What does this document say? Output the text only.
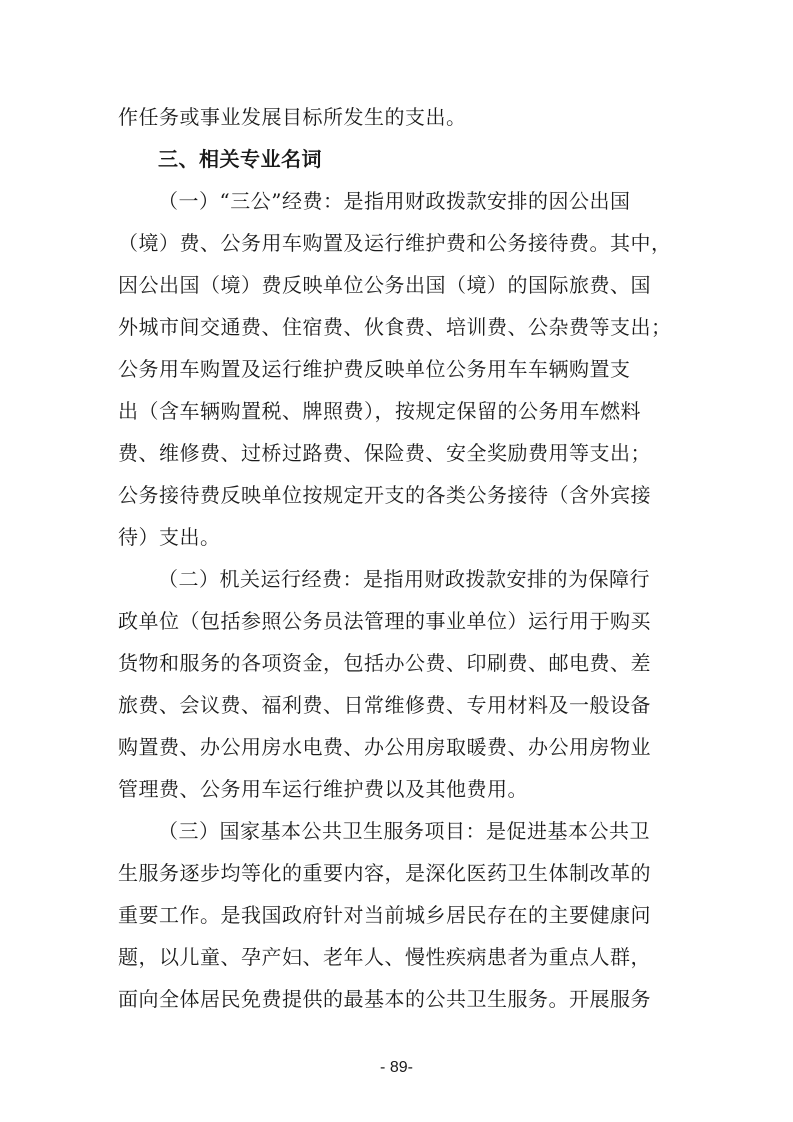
作任务或事业发展目标所发生的支出。
三、相关专业名词
（一）“三公”经费：是指用财政拨款安排的因公出国
（境）费、公务用车购置及运行维护费和公务接待费。其中，
因公出国（境）费反映单位公务出国（境）的国际旅费、国
外城市间交通费、住宿费、伙食费、培训费、公杂费等支出；
公务用车购置及运行维护费反映单位公务用车车辆购置支
出（含车辆购置税、牌照费），按规定保留的公务用车燃料
费、维修费、过桥过路费、保险费、安全奖励费用等支出；
公务接待费反映单位按规定开支的各类公务接待（含外宾接
待）支出。
（二）机关运行经费：是指用财政拨款安排的为保障行
政单位（包括参照公务员法管理的事业单位）运行用于购买
货物和服务的各项资金，包括办公费、印刷费、邮电费、差
旅费、会议费、福利费、日常维修费、专用材料及一般设备
购置费、办公用房水电费、办公用房取暖费、办公用房物业
管理费、公务用车运行维护费以及其他费用。
（三）国家基本公共卫生服务项目：是促进基本公共卫
生服务逐步均等化的重要内容，是深化医药卫生体制改革的
重要工作。是我国政府针对当前城乡居民存在的主要健康问
题，以儿童、孕产妇、老年人、慢性疾病患者为重点人群，
面向全体居民免费提供的最基本的公共卫生服务。开展服务
- 89-
